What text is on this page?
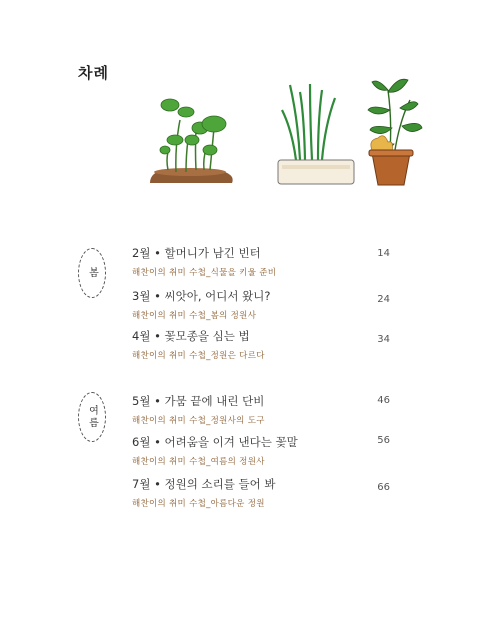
차례
봄
2월 • 할머니가 남긴 빈터
해찬이의 취미 수첩_식물을 키울 준비
14
3월 • 씨앗아, 어디서 왔니?
해찬이의 취미 수첩_봄의 정원사
24
4월 • 꽃모종을 심는 법
해찬이의 취미 수첩_정원은 다르다
34
여름
5월 • 가뭄 끝에 내린 단비
해찬이의 취미 수첩_정원사의 도구
46
6월 • 어려움을 이겨 낸다는 꽃말
해찬이의 취미 수첩_여름의 정원사
56
7월 • 정원의 소리를 들어 봐
해찬이의 취미 수첩_아름다운 정원
66
